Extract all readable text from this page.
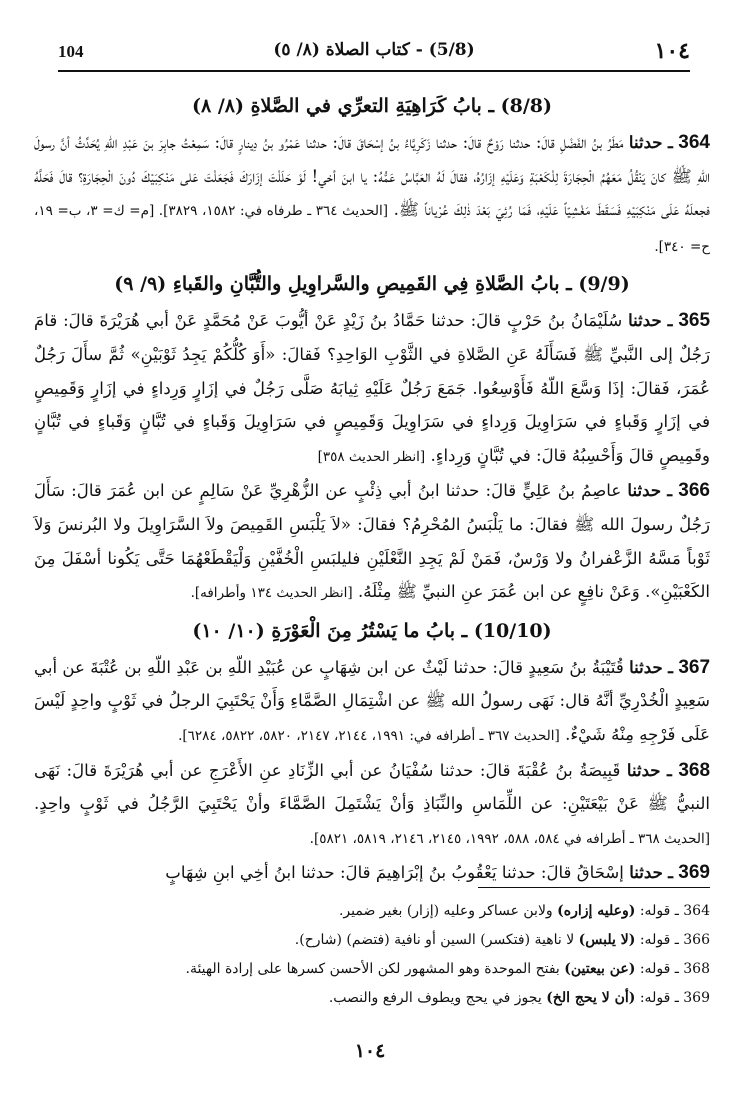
104	(5/8) - كتاب الصلاة (٨/ ٥)	١٠٤
(8/8) ـ بابُ كَرَاهِيَةِ التعرِّي في الصَّلاةِ (٨/ ٨)

364 ـ حدثنا مَطَرُ بنُ الفَضْلِ قالَ: حدثنا رَوْحٌ قالَ: حدثنا زَكَرِيَّاءُ بنُ إسْحَاقَ قالَ: حدثنا عَمْرُو بنُ دِينارٍ قالَ: سَمِعْتُ جابِرَ بنَ عَبْدِ اللّهِ يُحَدِّثُ أنَّ رسولَ اللّهِ ﷺ كانَ يَنْقُلُ مَعَهُمُ الْحِجَارَةَ لِلْكَعْبَةِ وَعَلَيْهِ إزَارُهُ، فقالَ لَهُ العَبَّاسُ عَمُّهُ: يا ابنَ أخي! لَوْ حَلَلْتَ إزَارَكَ فَجَعَلْتَ عَلى مَنْكِبَيْكَ دُونَ الْحِجَارَةِ؟ قالَ فَحَلَّهُ فجعلَهُ عَلَى مَنْكِبَيْهِ فَسَقَطَ مَغْشِيّاً عَلَيْهِ، فَمَا رُئِيَ بَعْدَ ذٰلِكَ عُرْياناً ﷺ. [الحديث ٣٦٤ ـ طرفاه في: ١٥٨٢، ٣٨٢٩]. [م= ك= ٣، ب= ١٩، ح= ٣٤٠].

(9/9) ـ بابُ الصَّلاةِ فِي القَمِيصِ والسَّراوِيلِ والتُّبَّانِ والقَباءِ (٩/ ٩)

365 ـ حدثنا سُلَيْمَانُ بنُ حَرْبٍ قالَ: حدثنا حَمَّادُ بنُ زَيْدٍ عَنْ أيُّوبَ عَنْ مُحَمَّدٍ عَنْ أبي هُرَيْرَةَ قالَ: قامَ رَجُلٌ إلى النَّبيِّ ﷺ فَسَأَلَهُ عَنِ الصَّلاةِ في الثَّوْبِ الوَاحِدِ؟ فَقالَ: «أَوَ كُلُّكُمْ يَجِدُ ثَوْبَيْنِ» ثُمَّ سأَلَ رَجُلٌ عُمَرَ، فَقالَ: إذَا وَسَّعَ اللّهُ فَأَوْسِعُوا. جَمَعَ رَجُلٌ عَلَيْهِ ثِيابَهُ صَلَّى رَجُلٌ في إزَارٍ وَرِداءٍ في إزَارٍ وَقَمِيصٍ في إزَارٍ وَقَباءٍ في سَرَاوِيلَ وَرِداءٍ في سَرَاوِيلَ وَقَمِيصٍ في سَرَاوِيلَ وَقَباءٍ في تُبَّانٍ وَقَباءٍ في تُبَّانٍ وقَمِيصٍ قالَ وَأَحْسِبُهُ قالَ: في تُبَّانٍ وَرِداءٍ. [انظر الحديث ٣٥٨]

366 ـ حدثنا عاصِمُ بنُ عَلِيٍّ قالَ: حدثنا ابنُ أبي ذِئْبٍ عن الزُّهْرِيِّ عَنْ سَالِمٍ عن ابن عُمَرَ قالَ: سَأَلَ رَجُلٌ رسولَ الله ﷺ فقالَ: ما يَلْبَسُ المُحْرِمُ؟ فقالَ: «لاَ يَلْبَسِ القَمِيصَ ولاَ السَّرَاوِيلَ ولا البُرنسَ وَلاَ ثَوْباً مَسَّهُ الزَّعْفرانُ ولا وَرْسٌ، فَمَنْ لَمْ يَجِدِ النَّعْلَيْنِ فليلبَسِ الْخُفَّيْنِ وَلْيَقْطَعْهُمَا حَتَّى يَكُونا أسْفَلَ مِنَ الكَعْبَيْنِ». وَعَنْ نافِعٍ عن ابن عُمَرَ عنِ النبيِّ ﷺ مِثْلَهُ. [انظر الحديث ١٣٤ وأطرافه].

(10/10) ـ بابُ ما يَسْتُرُ مِنَ الْعَوْرَةِ (١٠/ ١٠)

367 ـ حدثنا قُتَيْبَةُ بنُ سَعِيدٍ قالَ: حدثنا لَيْثٌ عن ابن شِهَابٍ عن عُبَيْدِ اللّهِ بن عَبْدِ اللّهِ بن عُتْبَةَ عن أبي سَعِيدٍ الْخُدْرِيِّ أنَّهُ قال: نَهَى رسولُ الله ﷺ عن اشْتِمَالِ الصَّمَّاءِ وَأَنْ يَحْتَبِيَ الرجلُ في ثَوْبٍ واحِدٍ لَيْسَ عَلَى فَرْجِهِ مِنْهُ شَيْءٌ. [الحديث ٣٦٧ ـ أطرافه في: ١٩٩١، ٢١٤٤، ٢١٤٧، ٥٨٢٠، ٥٨٢٢، ٦٢٨٤].

368 ـ حدثنا قَبِيصَةُ بنُ عُقْبَةَ قالَ: حدثنا سُفْيَانُ عن أبي الزِّنَادِ عنِ الأَعْرَجِ عن أبي هُرَيْرَةَ قالَ: نَهَى النبيُّ ﷺ عَنْ بَيْعَتَيْنِ: عن اللِّمَاسِ والنِّبَاذِ وَأنْ يَشْتَمِلَ الصَّمَّاءَ وأنْ يَحْتَبِيَ الرَّجُلُ في ثَوْبٍ واحِدٍ. [الحديث ٣٦٨ ـ أطرافه في ٥٨٤، ٥٨٨، ١٩٩٢، ٢١٤٥، ٢١٤٦، ٥٨١٩، ٥٨٢١].

369 ـ حدثنا إسْحَاقُ قالَ: حدثنا يَعْقُوبُ بنُ إبْرَاهِيمَ قالَ: حدثنا ابنُ أخِي ابنِ شِهَابٍ

364 ـ قوله: (وعليه إزاره) ولابن عساكر وعليه (إزار) بغير ضمير.

366 ـ قوله: (لا يلبس) لا ناهية (فتكسر) السين أو نافية (فتضم) (شارح).

368 ـ قوله: (عن بيعتين) بفتح الموحدة وهو المشهور لكن الأحسن كسرها على إرادة الهيئة.

369 ـ قوله: (أن لا يحج الخ) يجوز في يحج ويطوف الرفع والنصب.

١٠٤
